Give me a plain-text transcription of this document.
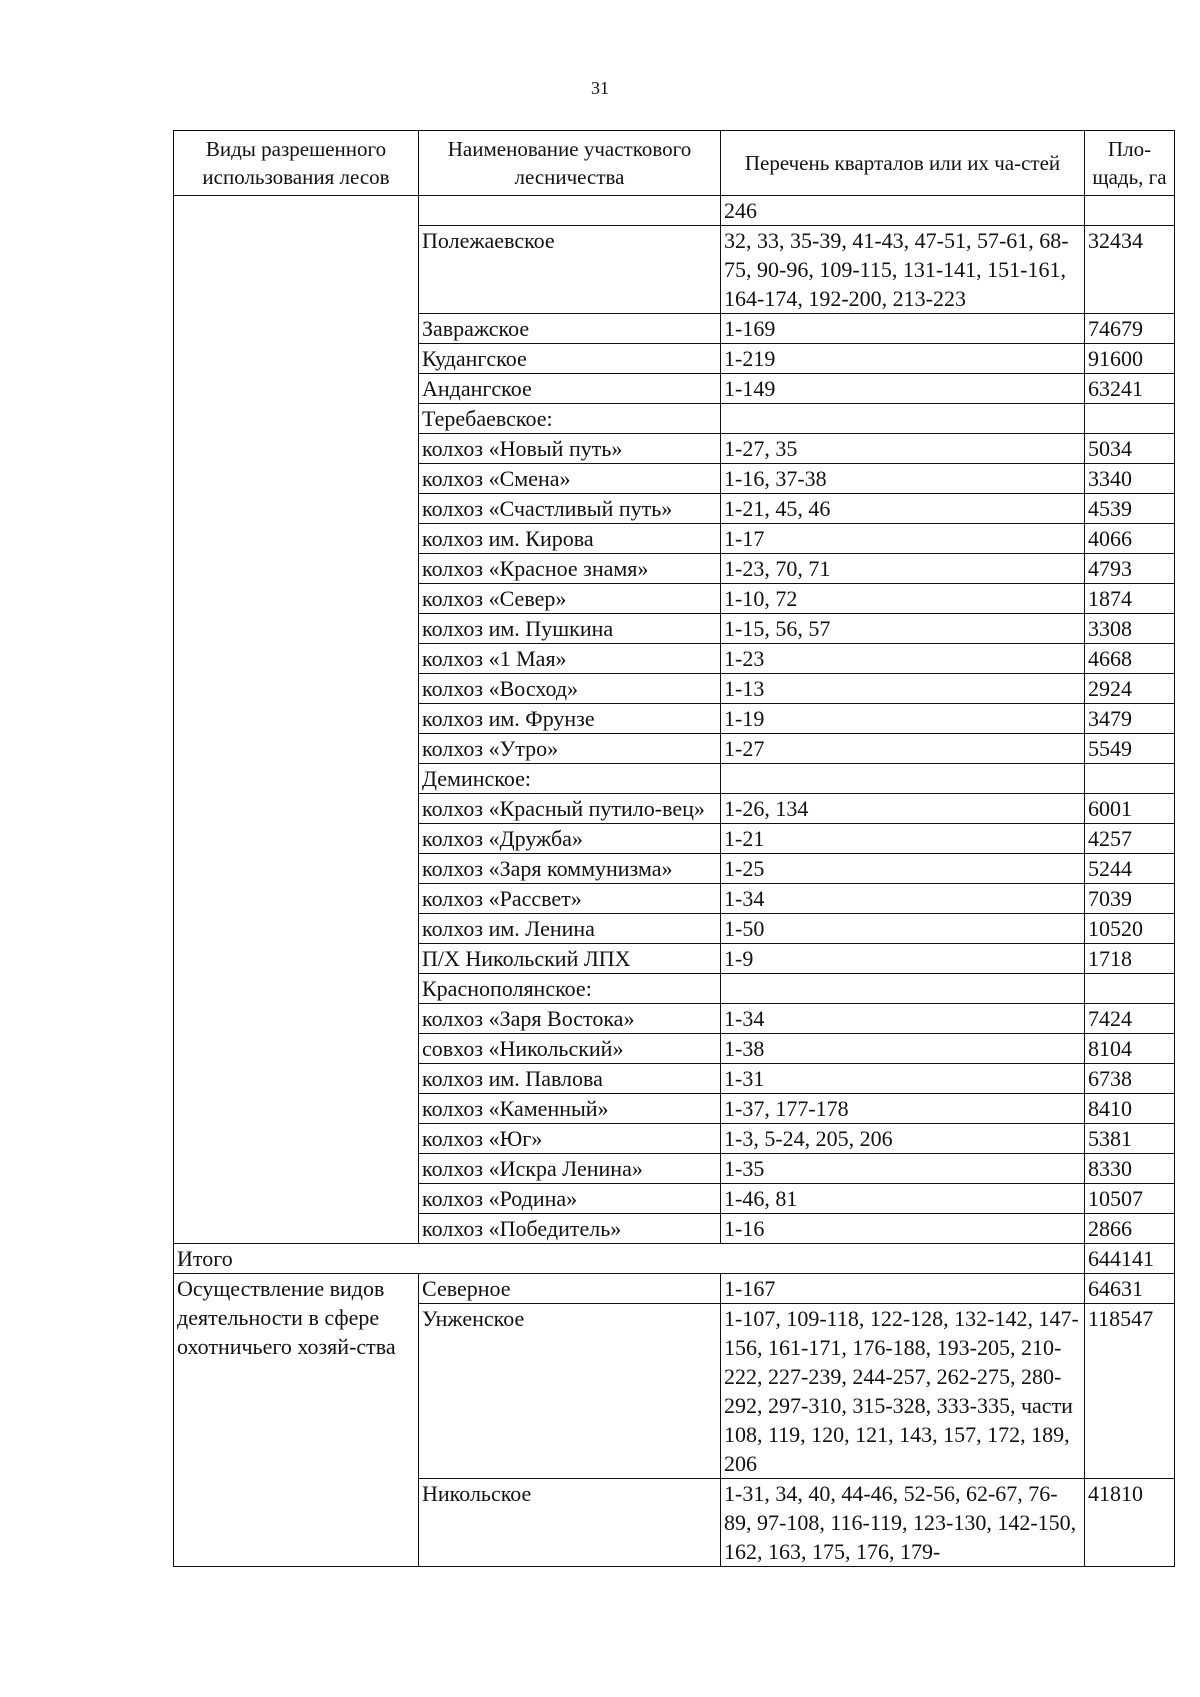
31
Виды разрешенного использования лесов	Наименование участкового лесничества	Перечень кварталов или их ча-стей	Пло-щадь, га
		246	
	Полежаевское	32, 33, 35-39, 41-43, 47-51, 57-61, 68-75, 90-96, 109-115, 131-141, 151-161, 164-174, 192-200, 213-223	32434
	Завражское	1-169	74679
	Кудангское	1-219	91600
	Андангское	1-149	63241
	Теребаевское:		
	колхоз «Новый путь»	1-27, 35	5034
	колхоз «Смена»	1-16, 37-38	3340
	колхоз «Счастливый путь»	1-21, 45, 46	4539
	колхоз им. Кирова	1-17	4066
	колхоз «Красное знамя»	1-23, 70, 71	4793
	колхоз «Север»	1-10, 72	1874
	колхоз им. Пушкина	1-15, 56, 57	3308
	колхоз «1 Мая»	1-23	4668
	колхоз «Восход»	1-13	2924
	колхоз им. Фрунзе	1-19	3479
	колхоз «Утро»	1-27	5549
	Деминское:		
	колхоз «Красный путило-вец»	1-26, 134	6001
	колхоз «Дружба»	1-21	4257
	колхоз «Заря коммунизма»	1-25	5244
	колхоз «Рассвет»	1-34	7039
	колхоз им. Ленина	1-50	10520
	П/Х Никольский ЛПХ	1-9	1718
	Краснополянское:		
	колхоз «Заря Востока»	1-34	7424
	совхоз «Никольский»	1-38	8104
	колхоз им. Павлова	1-31	6738
	колхоз «Каменный»	1-37, 177-178	8410
	колхоз «Юг»	1-3, 5-24, 205, 206	5381
	колхоз «Искра Ленина»	1-35	8330
	колхоз «Родина»	1-46, 81	10507
	колхоз «Победитель»	1-16	2866
Итого			644141
Осуществление видов деятельности в сфере охотничьего хозяй-ства	Северное	1-167	64631
	Унженское	1-107, 109-118, 122-128, 132-142, 147-156, 161-171, 176-188, 193-205, 210-222, 227-239, 244-257, 262-275, 280-292, 297-310, 315-328, 333-335, части 108, 119, 120, 121, 143, 157, 172, 189, 206	118547
	Никольское	1-31, 34, 40, 44-46, 52-56, 62-67, 76-89, 97-108, 116-119, 123-130, 142-150, 162, 163, 175, 176, 179-	41810
